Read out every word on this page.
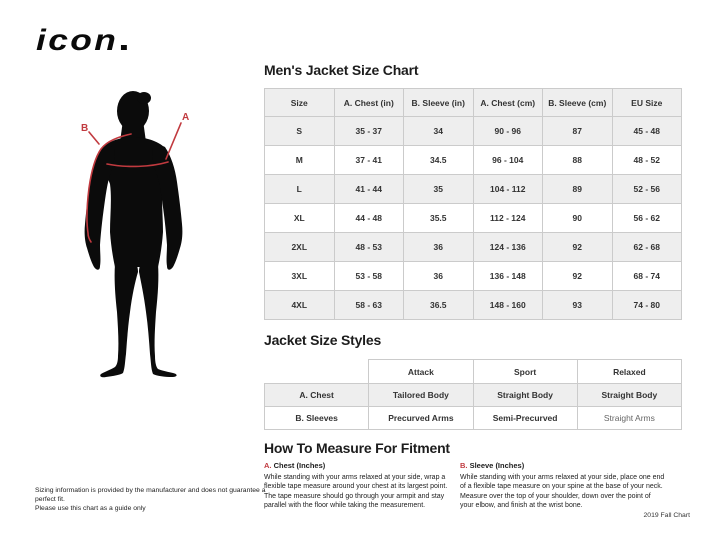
icon
B
A
Men's Jacket Size Chart
Size	A. Chest (in)	B. Sleeve (in)	A. Chest (cm)	B. Sleeve (cm)	EU Size
S	35 - 37	34	90 - 96	87	45 - 48
M	37 - 41	34.5	96 - 104	88	48 - 52
L	41 - 44	35	104 - 112	89	52 - 56
XL	44 - 48	35.5	112 - 124	90	56 - 62
2XL	48 - 53	36	124 - 136	92	62 - 68
3XL	53 - 58	36	136 - 148	92	68 - 74
4XL	58 - 63	36.5	148 - 160	93	74 - 80
Jacket Size Styles
	Attack	Sport	Relaxed
A. Chest	Tailored Body	Straight Body	Straight Body
B. Sleeves	Precurved Arms	Semi-Precurved	Straight Arms
How To Measure For Fitment
A. Chest (Inches)
While standing with your arms relaxed at your side, wrap a flexible tape measure around your chest at its largest point. The tape measure should go through your armpit and stay parallel with the floor while taking the measurement.
B. Sleeve (Inches)
While standing with your arms relaxed at your side, place one end of a flexible tape measure on your spine at the base of your neck. Measure over the top of your shoulder, down over the point of your elbow, and finish at the wrist bone.
Sizing information is provided by the manufacturer and does not guarantee a perfect fit.
Please use this chart as a guide only
2019 Fall Chart
